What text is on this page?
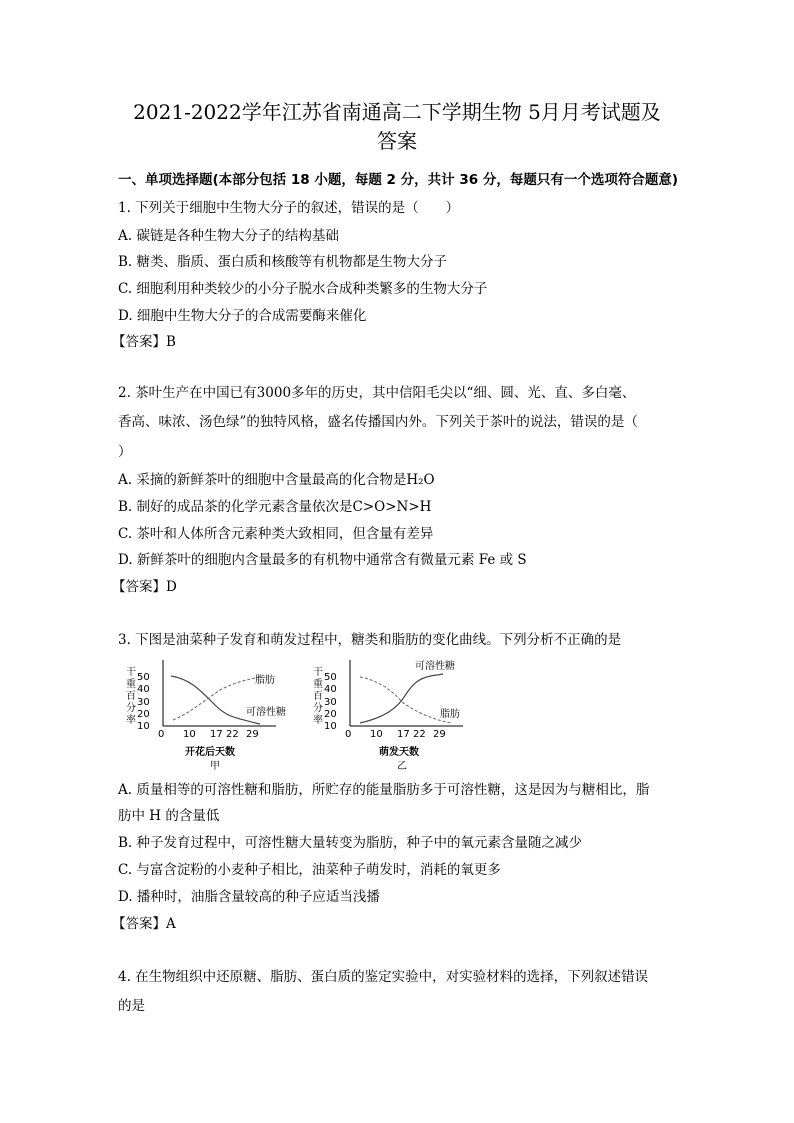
2021-2022学年江苏省南通高二下学期生物 5月月考试题及
答案
一、单项选择题(本部分包括 18 小题，每题 2 分，共计 36 分，每题只有一个选项符合题意)
1. 下列关于细胞中生物大分子的叙述，错误的是（　　）
A. 碳链是各种生物大分子的结构基础
B. 糖类、脂质、蛋白质和核酸等有机物都是生物大分子
C. 细胞利用种类较少的小分子脱水合成种类繁多的生物大分子
D. 细胞中生物大分子的合成需要酶来催化
【答案】B
2. 茶叶生产在中国已有3000多年的历史，其中信阳毛尖以“细、圆、光、直、多白毫、
香高、味浓、汤色绿”的独特风格，盛名传播国内外。下列关于茶叶的说法，错误的是（
）
A. 采摘的新鲜茶叶的细胞中含量最高的化合物是H₂O
B. 制好的成品茶的化学元素含量依次是C>O>N>H
C. 茶叶和人体所含元素种类大致相同，但含量有差异
D. 新鲜茶叶的细胞内含量最多的有机物中通常含有微量元素 Fe 或 S
【答案】D
3. 下图是油菜种子发育和萌发过程中，糖类和脂肪的变化曲线。下列分析不正确的是
干重百分率 50
40
30
20
10
0 10 17 22 29
脂肪
可溶性糖
开花后天数
甲
干重百分率 50
40
30
20
10
0 10 17 22 29
可溶性糖
脂肪
萌发天数
乙
A. 质量相等的可溶性糖和脂肪，所贮存的能量脂肪多于可溶性糖，这是因为与糖相比，脂
肪中 H 的含量低
B. 种子发育过程中，可溶性糖大量转变为脂肪，种子中的氧元素含量随之减少
C. 与富含淀粉的小麦种子相比，油菜种子萌发时，消耗的氧更多
D. 播种时，油脂含量较高的种子应适当浅播
【答案】A
4. 在生物组织中还原糖、脂肪、蛋白质的鉴定实验中，对实验材料的选择，下列叙述错误
的是
